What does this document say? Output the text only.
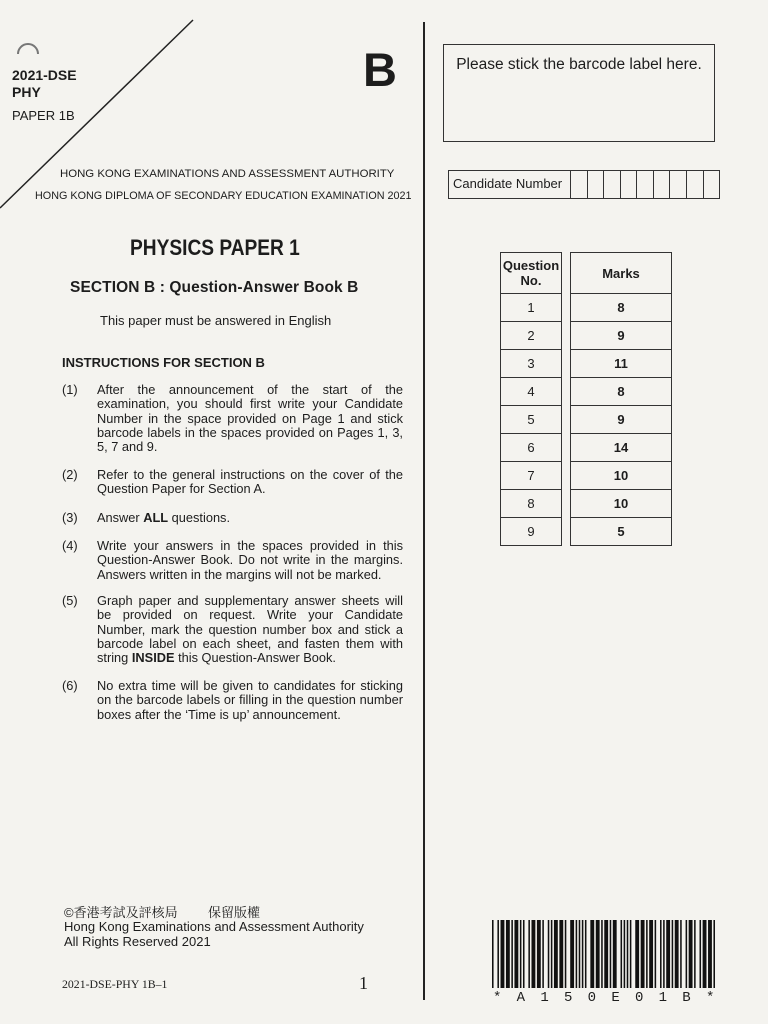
2021-DSE
PHY
PAPER 1B
B
HONG KONG EXAMINATIONS AND ASSESSMENT AUTHORITY
HONG KONG DIPLOMA OF SECONDARY EDUCATION EXAMINATION 2021
PHYSICS PAPER 1
SECTION B : Question-Answer Book B
This paper must be answered in English
INSTRUCTIONS FOR SECTION B
(1) After the announcement of the start of the
examination, you should first write your Candidate
Number in the space provided on Page 1 and stick
barcode labels in the spaces provided on Pages 1, 3,
5, 7 and 9.
(2) Refer to the general instructions on the cover of the
Question Paper for Section A.
(3) Answer ALL questions.
(4) Write your answers in the spaces provided in this
Question-Answer Book. Do not write in the margins.
Answers written in the margins will not be marked.
(5) Graph paper and supplementary answer sheets will
be provided on request. Write your Candidate
Number, mark the question number box and stick a
barcode label on each sheet, and fasten them with
string INSIDE this Question-Answer Book.
(6) No extra time will be given to candidates for sticking
on the barcode labels or filling in the question number
boxes after the ‘Time is up’ announcement.
Please stick the barcode label here.
Candidate Number
Question
No.
1
2
3
4
5
6
7
8
9
Marks
8
9
11
8
9
14
10
10
5
©香港考試及評核局 保留版權
Hong Kong Examinations and Assessment Authority
All Rights Reserved 2021
2021-DSE-PHY 1B–1	1
* A 1 5 0 E 0 1 B *
